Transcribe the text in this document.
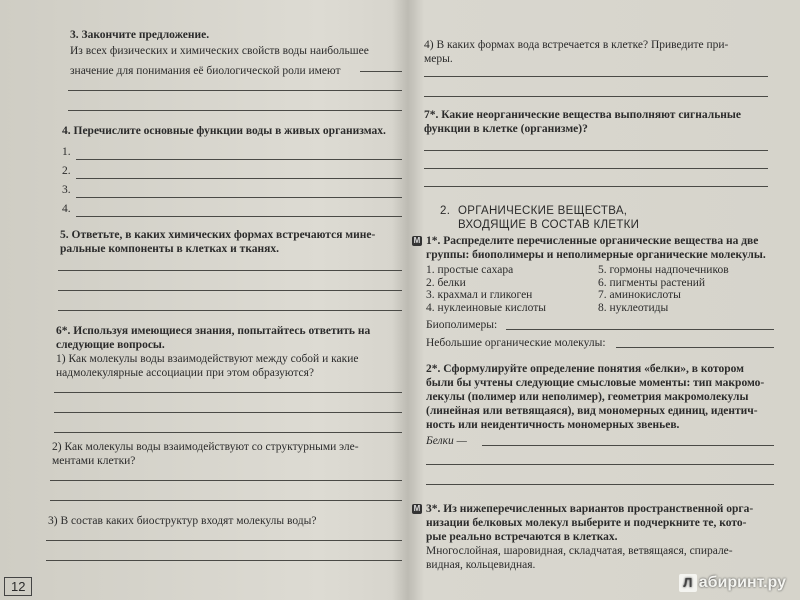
3. Закончите предложение.
Из всех физических и химических свойств воды наибольшее
значение для понимания её биологической роли имеют
4. Перечислите основные функции воды в живых организмах.
1.
2.
3.
4.
5. Ответьте, в каких химических формах встречаются мине-
ральные компоненты в клетках и тканях.
6*. Используя имеющиеся знания, попытайтесь ответить на
следующие вопросы.
1) Как молекулы воды взаимодействуют между собой и какие
надмолекулярные ассоциации при этом образуются?
2) Как молекулы воды взаимодействуют со структурными эле-
ментами клетки?
3) В состав каких биоструктур входят молекулы воды?
12
4) В каких формах вода встречается в клетке? Приведите при-
меры.
7*. Какие неорганические вещества выполняют сигнальные
функции в клетке (организме)?
2. ОРГАНИЧЕСКИЕ ВЕЩЕСТВА,
ВХОДЯЩИЕ В СОСТАВ КЛЕТКИ
М 1*. Распределите перечисленные органические вещества на две
группы: биополимеры и неполимерные органические молекулы.
1. простые сахара
2. белки
3. крахмал и гликоген
4. нуклеиновые кислоты
5. гормоны надпочечников
6. пигменты растений
7. аминокислоты
8. нуклеотиды
Биополимеры:
Небольшие органические молекулы:
2*. Сформулируйте определение понятия «белки», в котором
были бы учтены следующие смысловые моменты: тип макромо-
лекулы (полимер или неполимер), геометрия макромолекулы
(линейная или ветвящаяся), вид мономерных единиц, идентич-
ность или неидентичность мономерных звеньев.
Белки —
М 3*. Из нижеперечисленных вариантов пространственной орга-
низации белковых молекул выберите и подчеркните те, кото-
рые реально встречаются в клетках.
Многослойная, шаровидная, складчатая, ветвящаяся, спирале-
видная, кольцевидная.
Л абиринт.ру
